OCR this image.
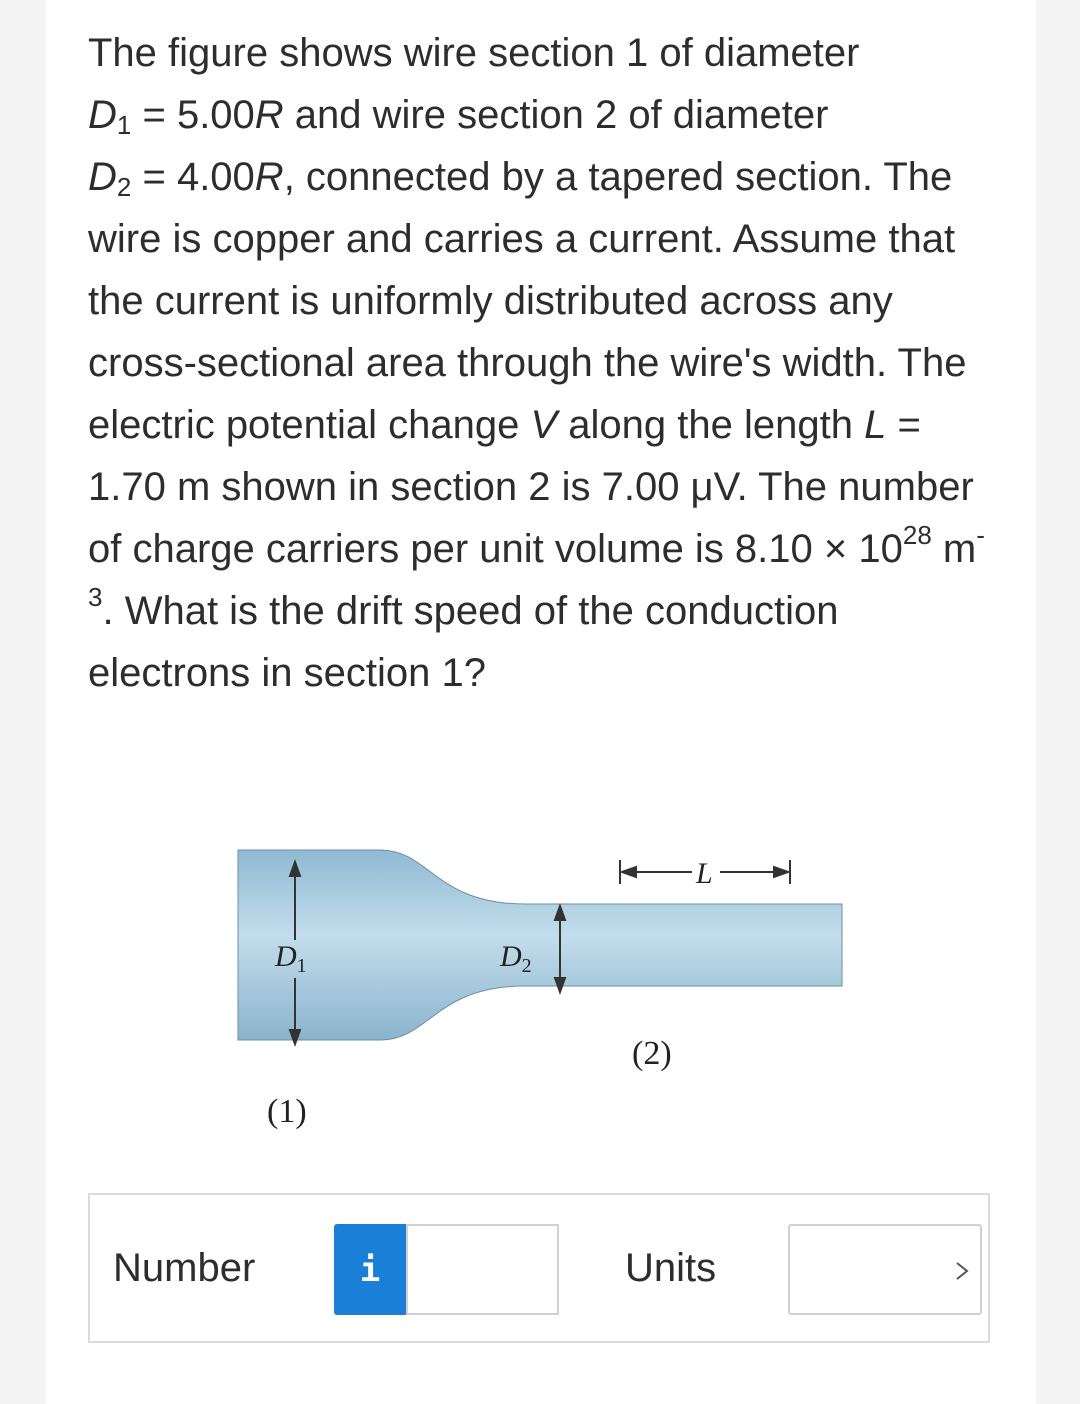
The figure shows wire section 1 of diameter
$D_1 = 5.00R$ and wire section 2 of diameter
$D_2 = 4.00R$, connected by a tapered section. The wire is copper and carries a current. Assume that the current is uniformly distributed across any cross-sectional area through the wire's width. The electric potential change V along the length L = 1.70 m shown in section 2 is 7.00 μV. The number of charge carriers per unit volume is $8.10 \times 10^{28}$ $m^{-3}$. What is the drift speed of the conduction electrons in section 1?
$D_1$	$D_2$
L
(1)
(2)
Number	i	Units
